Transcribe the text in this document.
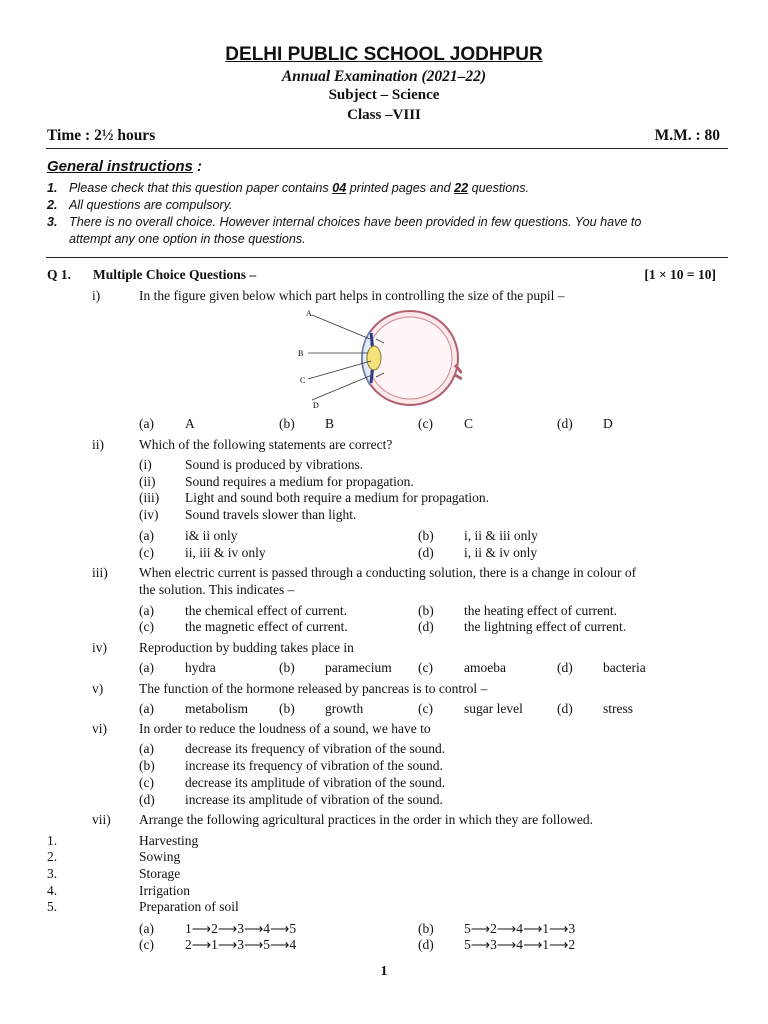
DELHI PUBLIC SCHOOL JODHPUR
Annual Examination (2021–22)
Subject – Science
Class –VIII
Time : 2½ hours	M.M. : 80
General instructions :
1. Please check that this question paper contains 04 printed pages and 22 questions.
2. All questions are compulsory.
3. There is no overall choice. However internal choices have been provided in few questions. You have to
attempt any one option in those questions.
Q 1. Multiple Choice Questions –	[1 × 10 = 10]
i)	In the figure given below which part helps in controlling the size of the pupil –
A
B
C
D
(a) A	(b) B	(c) C	(d) D
ii)	Which of the following statements are correct?
(i) Sound is produced by vibrations.
(ii) Sound requires a medium for propagation.
(iii) Light and sound both require a medium for propagation.
(iv) Sound travels slower than light.
(a) i& ii only	(b) i, ii & iii only
(c) ii, iii & iv only	(d) i, ii & iv only
iii) When electric current is passed through a conducting solution, there is a change in colour of
the solution. This indicates –
(a) the chemical effect of current.	(b) the heating effect of current.
(c) the magnetic effect of current.	(d) the lightning effect of current.
iv) Reproduction by budding takes place in
(a) hydra	(b) paramecium (c) amoeba	(d) bacteria
v)	The function of the hormone released by pancreas is to control –
(a) metabolism (b) growth	(c) sugar level	(d) stress
vi) In order to reduce the loudness of a sound, we have to
(a) decrease its frequency of vibration of the sound.
(b) increase its frequency of vibration of the sound.
(c) decrease its amplitude of vibration of the sound.
(d) increase its amplitude of vibration of the sound.
vii) Arrange the following agricultural practices in the order in which they are followed.
1.	Harvesting
2.	Sowing
3.	Storage
4.	Irrigation
5.	Preparation of soil
(a) 1⟶2⟶3⟶4⟶5	(b) 5⟶2⟶4⟶1⟶3
(c) 2⟶1⟶3⟶5⟶4	(d) 5⟶3⟶4⟶1⟶2
1
